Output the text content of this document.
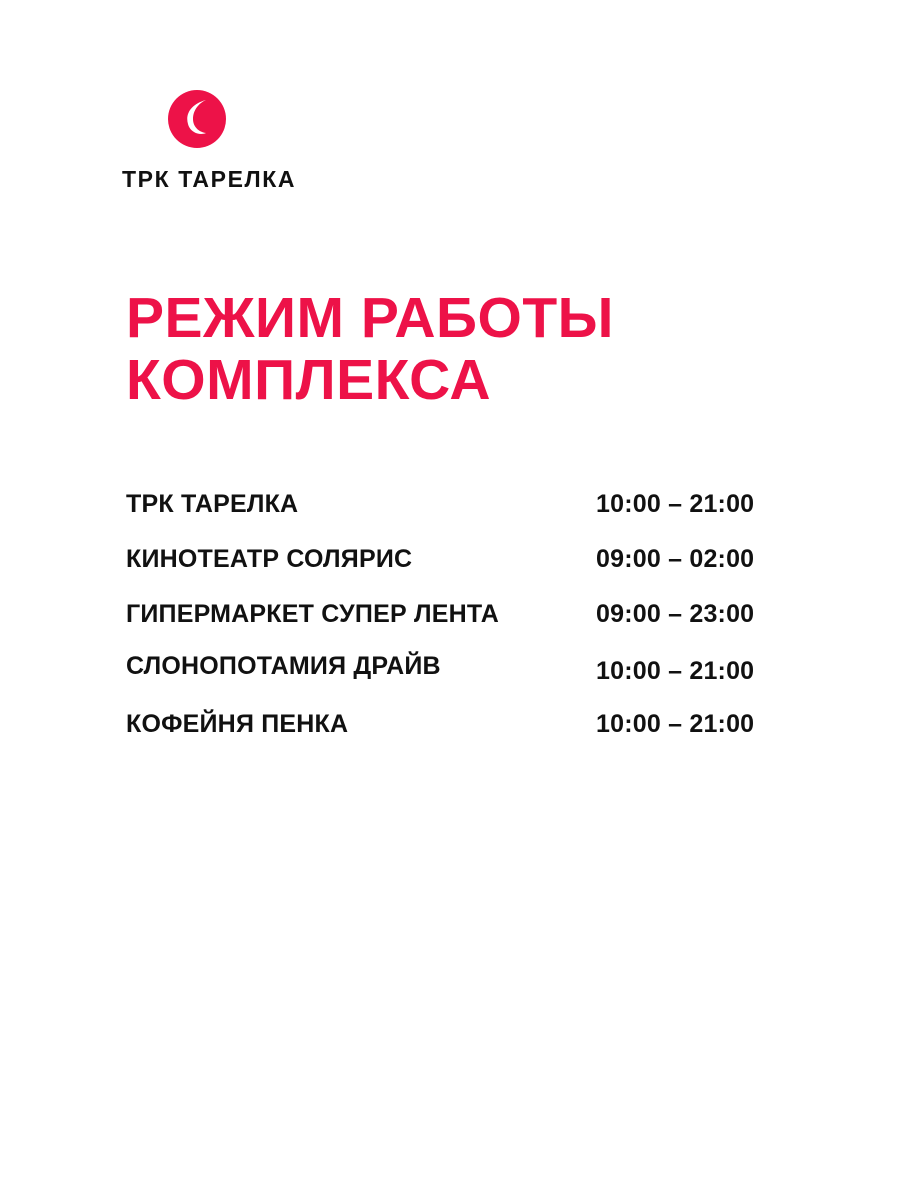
ТРК ТАРЕЛКА
РЕЖИМ РАБОТЫ
КОМПЛЕКСА
ТРК ТАРЕЛКА	10:00 – 21:00
КИНОТЕАТР СОЛЯРИС	09:00 – 02:00
ГИПЕРМАРКЕТ СУПЕР ЛЕНТА	09:00 – 23:00
СЛОНОПОТАМИЯ ДРАЙВ	10:00 – 21:00
КОФЕЙНЯ ПЕНКА	10:00 – 21:00
